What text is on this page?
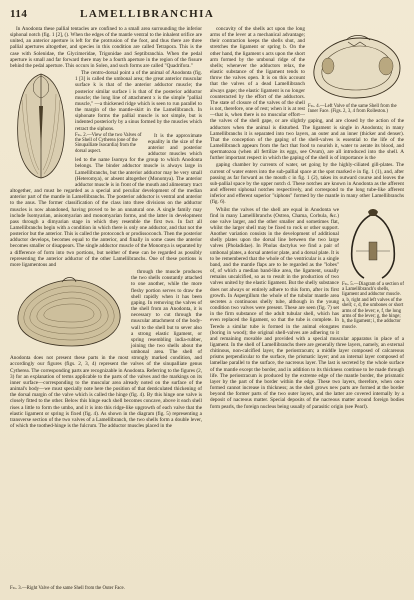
114	LAMELLIBRANCHIA

In Anodonta these pallial tentacles are confined to a small area surrounding the inferior siphonal notch (fig. 1 [2], (). When the edges of the mantle ventral to the inhalent orifice are united, an anterior aperture is left for the protrusion of the foot, and thus there are three pallial apertures altogether, and species in this condition are called Tetrapora. This is the case with Solenidae, the Glycimeridae, Trigonidae and Septibranchia. When the pedal aperture is small and far forward there may be a fourth aperture in the region of the fissure behind the pedal aperture. This occurs in Solen, and such forms are called "Quadrifora."

The centro-dorsal point a of the animal of Anodonta (fig. 1 [3] is called the umbonal area; the great anterior muscular surface k is that of the anterior adductor muscle; the posterior similar surface i is that of the posterior adductor muscle; the long line of attachment x is the simple "pallial muscle," —a thickened ridge which is seen to run parallel to the margin of the mantle-skirt in the Lamellibranch. In siphonate forms the pallial muscle is not simple, but is indented posteriorly by a sinus formed by the muscles which retract the siphons.

Fig. 2.—View of the two Valves of the Shell of Cytherea (one of the Sinupalliate Isocardia) from the dorsal aspect.

It is the approximate equality in the size of the anterior and posterior adductor muscles which led to the name Isomya for the group to which Anodonta belongs. The binder adductor muscle is always large in Lamellibranchs, but the anterior adductor may be very small (Heteromya), or absent altogether (Monomya). The anterior adductor muscle is in front of the mouth and alimentary tract altogether, and must be regarded as a special and peculiar development of the median anterior part of the mantle in Lamellibranchs. The posterior adductor is ventral and anterior to the anus. The former classification of the class into three divisions on the adductor muscles is now abandoned, having proved to be an unnatural one. A single family may include Isomyarian, anisomyarian and monomyarian forms, and the latter in development pass through a dimyarian stage in which they resemble the first two. In fact all Lamellibranchs begin with a condition in which there is only one adductor, and that not the posterior but the anterior. This is called the protoconch or prodissoconch. Then the posterior adductor develops, becomes equal to the anterior, and finally in some cases the anterior becomes smaller or disappears. The single adductor muscle of the Monomya is separated by a difference of form into two portions, but neither of these can be regarded as possibly representing the anterior adductor of the other Lamellibranchs. One of these portions is more ligamentous and

through the muscle produces the two shells constantly attached to one another, while the more fleshy portion serves to draw the shell rapidly when it has been gaping. In removing the valves of the shell from an Anodonta, it is necessary to cut through the muscular attachment of the body-wall to the shell but to sever also a strong elastic ligament, or spring resembling india-rubber, joining the two shells about the umbonal area. The shell of Anodonta does not present these parts in the most strongly marked condition, and accordingly our figures (figs. 2, 3, 4) represent the valves of the sinupalliate genus Cytherea. The corresponding parts are recognizable in Anodonta. Referring to the figures (2, 3) for an explanation of terms applicable to the parts of the valves and the markings on its inner surface—corresponding to the muscular area already noted on the surface of the animal's body—we must specially note here the position of that denticulated thickening of the dorsal margin of the valve which is called the hinge (fig. 4). By this hinge one valve is closely fitted to the other. Below this hinge each shell becomes concave, above it each shell rises a little to form the umbo, and it is into this ridge-like upgrowth of each valve that the elastic ligament or spring is fixed (fig. 4). As shown in the diagram (fig. 5) representing a transverse section of the two valves of a Lamellibranch, the two shells form a double lever, of which the toothed-hinge is the fulcrum. The adductor muscles placed in the

Fig. 4.—Left Valve of the same Shell from the Inner Face. (Figs. 2, 3, 4 from Rolleston.)

concavity of the shells act upon the long arms of the lever at a mechanical advantage; their contraction keeps the shells shut, and stretches the ligament or spring b. On the other hand, the ligament s acts upon the short arm formed by the umbonal ridge of the shells; whenever the adductors relax, the elastic substance of the ligament tends to throw the valves open. It is on this account that the valves of a dead Lamellibranch always gape; the elastic ligament is no longer counteracted by the effort of the adductors. The state of closure of the valves of the shell is not, therefore, one of rest; when it is at rest—that is, when there is no muscular effort—the valves of the shell gape, or are slightly gaping, and are closed by the action of the adductors when the animal is disturbed. The ligament is single in Anodonta; in many Lamellibranchs it is separated into two layers, an outer and an inner (thicker and denser). That the conception of the gaping of the shell-valves is essential to the life of the Lamellibranch appears from the fact that food to nourish it, water to aerate its blood, and spermatozoa (when all fertilize its eggs, see Ovum), are all introduced into the shell. A further important respect in which the gaping of the shell is of importance is the

gaping chamber by currents of water, set going by the highly-ciliated gill-plates. The current of water enters into the sub-pallial space at the spot marked e in fig. 1 (1), and, after passing as far forward as the mouth c in fig. 1 (2), takes its outward course and leaves the sub-pallial space by the upper notch d. These notches are known in Anodonta as the afferent and efferent siphonal notches respectively, and correspond to the long tube-like afferent inferior and efferent superior "siphons" formed by the mantle in many other Lamellibranchs (fig. 6).

Fig. 5.—Diagram of a section of a Lamellibranch's shells, ligament and adductor muscle. a, b, right and left valves of the shell; c, d, the umbones or short arms of the lever; e, f, the long arms of the lever; g, the hinge; h, the ligament; i, the adductor muscle.

Whilst the valves of the shell are equal in Anodonta we find in many Lamellibranchs (Ostrea, Chama, Corbula, &c.) one valve larger, and the other smaller and sometimes flat, whilst the larger shell may be fixed to rock or other support. Another variation consists in the development of additional shelly plates upon the dorsal line between the two large valves (Pholadidae). In Pholas dactylus we find a pair of umbonal plates, a dorsal anterior plate, and a dorsal plate. It is to be remembered that the whole of the ventricular is a single band, and the mantle flaps are to be regarded as the "lobes" of, of which a median band-like area, the ligament, usually remains uncalcified, so as to result in the production of two valves united by the elastic ligament. But the shelly substance does not always or entirely adhere to this form, after its first growth. In Aspergillum the whole of the tubular mantle area secretes a continuous shelly tube, although in the young condition two valves were present. These are seen (fig. 7) set in the firm substance of the adult tubular shell, which has even replaced the ligament, so that the tube is complete. In Teredo a similar tube is formed in the animal elongates (boring in wood); the original shell-valves are adhering to it and remaining movable and provided with a special muscular apparatus in place of a ligament. In the shell of Lamellibranchs there are generally three layers, namely, an external chitinous, non-calcified layer, the periostracum; a middle layer composed of calcareous prisms perpendicular to the surface, the prismatic layer; and an internal layer composed of lamellae parallel to the surface, the nacreous layer. The last is secreted by the whole surface of the mantle except the border, and in addition to its thickness continue to be made through life. The periostracum is produced by the extreme edge of the mantle border, the prismatic layer by the part of the border within the edge. These two layers, therefore, when once formed cannot increase in thickness; as the shell grows new parts are formed at the border beyond the former parts of the two outer layers, and the latter are covered internally by a deposit of nacreous matter. Special deposits of the nacreous matter around foreign bodies form pearls, the foreign nucleus being usually of parasitic origin (see Pearl).

Fig. 3.—Right Valve of the same Shell from the Outer Face.
